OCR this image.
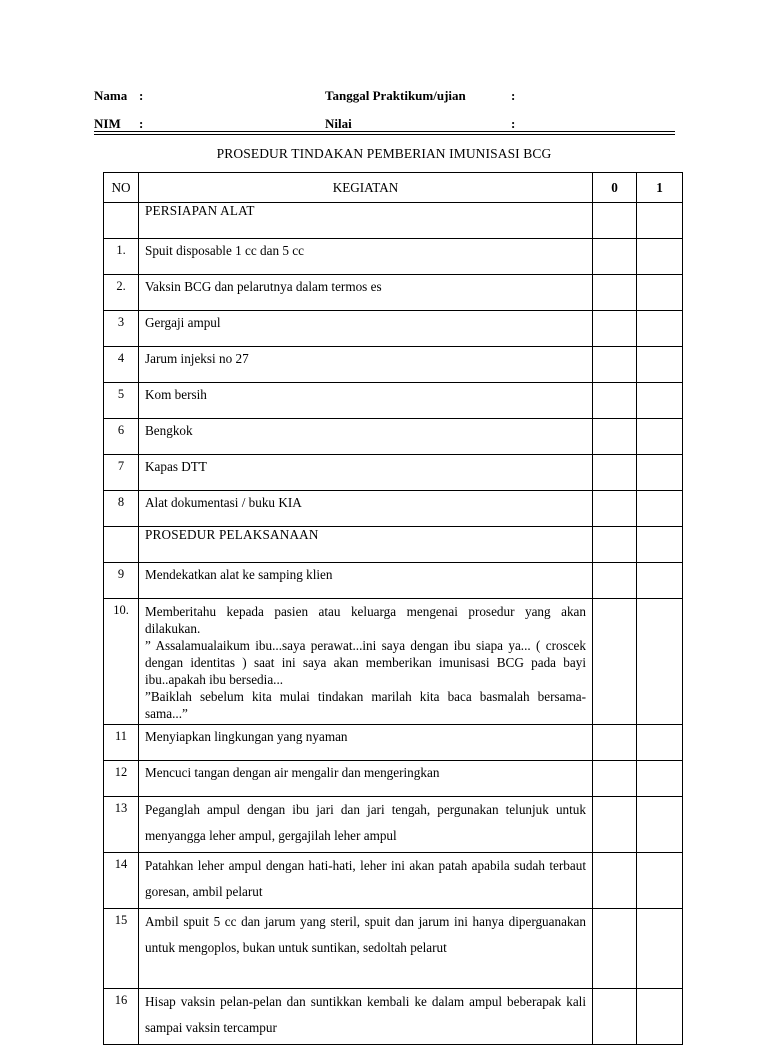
Nama :	Tanggal Praktikum/ujian	:
NIM :	Nilai	:
PROSEDUR TINDAKAN PEMBERIAN IMUNISASI BCG
NO	KEGIATAN	0	1
	PERSIAPAN ALAT		
1.	Spuit disposable 1 cc dan 5 cc		
2.	Vaksin BCG dan pelarutnya dalam termos es		
3	Gergaji ampul		
4	Jarum injeksi no 27		
5	Kom bersih		
6	Bengkok		
7	Kapas DTT		
8	Alat dokumentasi / buku KIA		
	PROSEDUR PELAKSANAAN		
9	Mendekatkan alat ke samping klien		
10.	Memberitahu kepada pasien atau keluarga mengenai prosedur yang akan dilakukan.
” Assalamualaikum ibu...saya perawat...ini saya dengan ibu siapa ya... ( croscek dengan identitas ) saat ini saya akan memberikan imunisasi BCG pada bayi ibu..apakah ibu bersedia...
”Baiklah sebelum kita mulai tindakan marilah kita baca basmalah bersama- sama...”		

11	Menyiapkan lingkungan yang nyaman		
12	Mencuci tangan dengan air mengalir dan mengeringkan		
13	Peganglah ampul dengan ibu jari dan jari tengah, pergunakan telunjuk untuk menyangga leher ampul, gergajilah leher ampul		
14	Patahkan leher ampul dengan hati-hati, leher ini akan patah apabila sudah terbaut goresan, ambil pelarut		
15	Ambil spuit 5 cc dan jarum yang steril, spuit dan jarum ini hanya diperguanakan untuk mengoplos, bukan untuk suntikan, sedoltah pelarut		
16	Hisap vaksin pelan-pelan dan suntikkan kembali ke dalam ampul beberapak kali sampai vaksin tercampur		
